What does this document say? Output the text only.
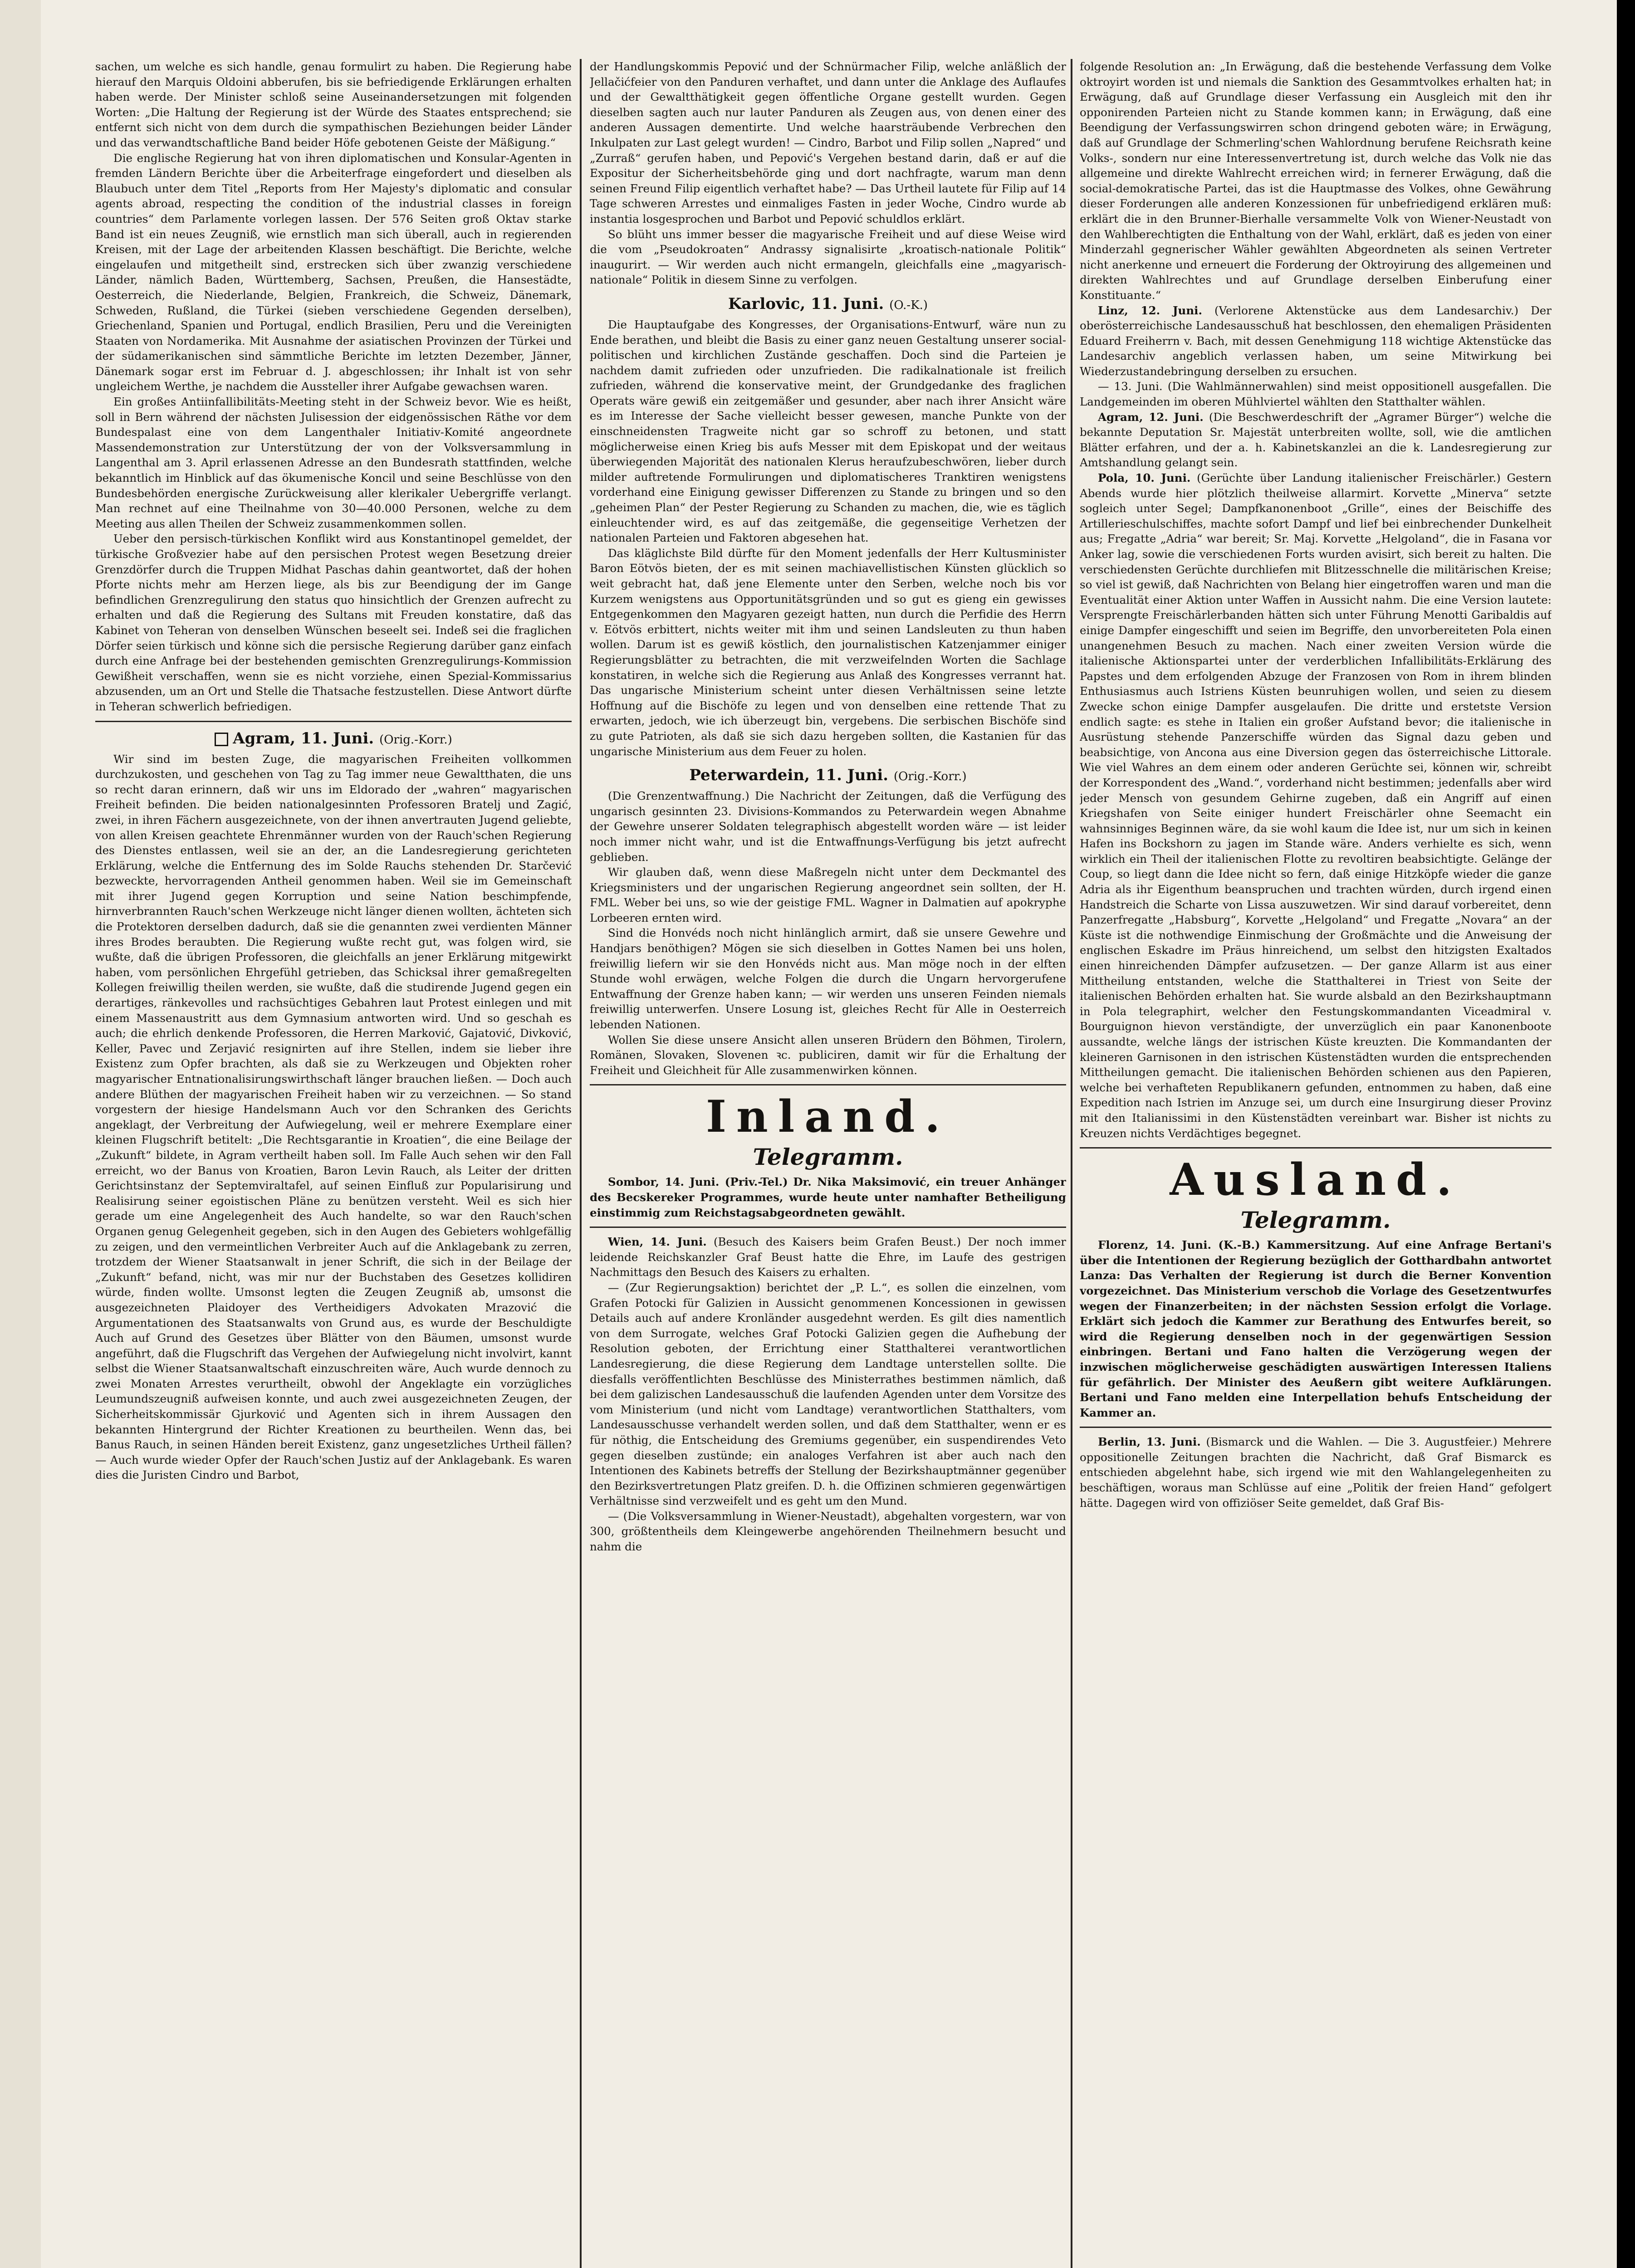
sachen, um welche es sich handle, genau formulirt zu haben. Die Regierung habe hierauf den Marquis Oldoini abberufen, bis sie befriedigende Erklärungen erhalten haben werde. Der Minister schloß seine Auseinandersetzungen mit folgenden Worten: „Die Haltung der Regierung ist der Würde des Staates entsprechend; sie entfernt sich nicht von dem durch die sympathischen Beziehungen beider Länder und das verwandtschaftliche Band beider Höfe gebotenen Geiste der Mäßigung.“

Die englische Regierung hat von ihren diplomatischen und Konsular-Agenten in fremden Ländern Berichte über die Arbeiterfrage eingefordert und dieselben als Blaubuch unter dem Titel „Reports from Her Majesty's diplomatic and consular agents abroad, respecting the condition of the industrial classes in foreign countries“ dem Parlamente vorlegen lassen. Der 576 Seiten groß Oktav starke Band ist ein neues Zeugniß, wie ernstlich man sich überall, auch in regierenden Kreisen, mit der Lage der arbeitenden Klassen beschäftigt. Die Berichte, welche eingelaufen und mitgetheilt sind, erstrecken sich über zwanzig verschiedene Länder, nämlich Baden, Württemberg, Sachsen, Preußen, die Hansestädte, Oesterreich, die Niederlande, Belgien, Frankreich, die Schweiz, Dänemark, Schweden, Rußland, die Türkei (sieben verschiedene Gegenden derselben), Griechenland, Spanien und Portugal, endlich Brasilien, Peru und die Vereinigten Staaten von Nordamerika. Mit Ausnahme der asiatischen Provinzen der Türkei und der südamerikanischen sind sämmtliche Berichte im letzten Dezember, Jänner, Dänemark sogar erst im Februar d. J. abgeschlossen; ihr Inhalt ist von sehr ungleichem Werthe, je nachdem die Aussteller ihrer Aufgabe gewachsen waren.

Ein großes Antiinfallibilitäts-Meeting steht in der Schweiz bevor. Wie es heißt, soll in Bern während der nächsten Julisession der eidgenössischen Räthe vor dem Bundespalast eine von dem Langenthaler Initiativ-Komité angeordnete Massendemonstration zur Unterstützung der von der Volksversammlung in Langenthal am 3. April erlassenen Adresse an den Bundesrath stattfinden, welche bekanntlich im Hinblick auf das ökumenische Koncil und seine Beschlüsse von den Bundesbehörden energische Zurückweisung aller klerikaler Uebergriffe verlangt. Man rechnet auf eine Theilnahme von 30—40.000 Personen, welche zu dem Meeting aus allen Theilen der Schweiz zusammenkommen sollen.

Ueber den persisch-türkischen Konflikt wird aus Konstantinopel gemeldet, der türkische Großvezier habe auf den persischen Protest wegen Besetzung dreier Grenzdörfer durch die Truppen Midhat Paschas dahin geantwortet, daß der hohen Pforte nichts mehr am Herzen liege, als bis zur Beendigung der im Gange befindlichen Grenzregulirung den status quo hinsichtlich der Grenzen aufrecht zu erhalten und daß die Regierung des Sultans mit Freuden konstatire, daß das Kabinet von Teheran von denselben Wünschen beseelt sei. Indeß sei die fraglichen Dörfer seien türkisch und könne sich die persische Regierung darüber ganz einfach durch eine Anfrage bei der bestehenden gemischten Grenzregulirungs-Kommission Gewißheit verschaffen, wenn sie es nicht vorziehe, einen Spezial-Kommissarius abzusenden, um an Ort und Stelle die Thatsache festzustellen. Diese Antwort dürfte in Teheran schwerlich befriedigen.

Agram, 11. Juni. (Orig.-Korr.)

Wir sind im besten Zuge, die magyarischen Freiheiten vollkommen durchzukosten, und geschehen von Tag zu Tag immer neue Gewaltthaten, die uns so recht daran erinnern, daß wir uns im Eldorado der „wahren“ magyarischen Freiheit befinden. Die beiden nationalgesinnten Professoren Bratelj und Zagić, zwei, in ihren Fächern ausgezeichnete, von der ihnen anvertrauten Jugend geliebte, von allen Kreisen geachtete Ehrenmänner wurden von der Rauch'schen Regierung des Dienstes entlassen, weil sie an der, an die Landesregierung gerichteten Erklärung, welche die Entfernung des im Solde Rauchs stehenden Dr. Starčević bezweckte, hervorragenden Antheil genommen haben. Weil sie im Gemeinschaft mit ihrer Jugend gegen Korruption und seine Nation beschimpfende, hirnverbrannten Rauch'schen Werkzeuge nicht länger dienen wollten, ächteten sich die Protektoren derselben dadurch, daß sie die genannten zwei verdienten Männer ihres Brodes beraubten. Die Regierung wußte recht gut, was folgen wird, sie wußte, daß die übrigen Professoren, die gleichfalls an jener Erklärung mitgewirkt haben, vom persönlichen Ehrgefühl getrieben, das Schicksal ihrer gemaßregelten Kollegen freiwillig theilen werden, sie wußte, daß die studirende Jugend gegen ein derartiges, ränkevolles und rachsüchtiges Gebahren laut Protest einlegen und mit einem Massenaustritt aus dem Gymnasium antworten wird. Und so geschah es auch; die ehrlich denkende Professoren, die Herren Marković, Gajatović, Divković, Keller, Pavec und Zerjavić resignirten auf ihre Stellen, indem sie lieber ihre Existenz zum Opfer brachten, als daß sie zu Werkzeugen und Objekten roher magyarischer Entnationalisirungswirthschaft länger brauchen ließen. — Doch auch andere Blüthen der magyarischen Freiheit haben wir zu verzeichnen. — So stand vorgestern der hiesige Handelsmann Auch vor den Schranken des Gerichts angeklagt, der Verbreitung der Aufwiegelung, weil er mehrere Exemplare einer kleinen Flugschrift betitelt: „Die Rechtsgarantie in Kroatien“, die eine Beilage der „Zukunft“ bildete, in Agram vertheilt haben soll. Im Falle Auch sehen wir den Fall erreicht, wo der Banus von Kroatien, Baron Levin Rauch, als Leiter der dritten Gerichtsinstanz der Septemviraltafel, auf seinen Einfluß zur Popularisirung und Realisirung seiner egoistischen Pläne zu benützen versteht. Weil es sich hier gerade um eine Angelegenheit des Auch handelte, so war den Rauch'schen Organen genug Gelegenheit gegeben, sich in den Augen des Gebieters wohlgefällig zu zeigen, und den vermeintlichen Verbreiter Auch auf die Anklagebank zu zerren, trotzdem der Wiener Staatsanwalt in jener Schrift, die sich in der Beilage der „Zukunft“ befand, nicht, was mir nur der Buchstaben des Gesetzes kollidiren würde, finden wollte. Umsonst legten die Zeugen Zeugniß ab, umsonst die ausgezeichneten Plaidoyer des Vertheidigers Advokaten Mrazović die Argumentationen des Staatsanwalts von Grund aus, es wurde der Beschuldigte Auch auf Grund des Gesetzes über Blätter von den Bäumen, umsonst wurde angeführt, daß die Flugschrift das Vergehen der Aufwiegelung nicht involvirt, kannt selbst die Wiener Staatsanwaltschaft einzuschreiten wäre, Auch wurde dennoch zu zwei Monaten Arrestes verurtheilt, obwohl der Angeklagte ein vorzügliches Leumundszeugniß aufweisen konnte, und auch zwei ausgezeichneten Zeugen, der Sicherheitskommissär Gjurković und Agenten sich in ihrem Aussagen den bekannten Hintergrund der Richter Kreationen zu beurtheilen. Wenn das, bei Banus Rauch, in seinen Händen bereit Existenz, ganz ungesetzliches Urtheil fällen? — Auch wurde wieder Opfer der Rauch'schen Justiz auf der Anklagebank. Es waren dies die Juristen Cindro und Barbot,

der Handlungskommis Pepović und der Schnürmacher Filip, welche anläßlich der Jellačićfeier von den Panduren verhaftet, und dann unter die Anklage des Auflaufes und der Gewaltthätigkeit gegen öffentliche Organe gestellt wurden. Gegen dieselben sagten auch nur lauter Panduren als Zeugen aus, von denen einer des anderen Aussagen dementirte. Und welche haarsträubende Verbrechen den Inkulpaten zur Last gelegt wurden! — Cindro, Barbot und Filip sollen „Napred“ und „Zurraß“ gerufen haben, und Pepović's Vergehen bestand darin, daß er auf die Expositur der Sicherheitsbehörde ging und dort nachfragte, warum man denn seinen Freund Filip eigentlich verhaftet habe? — Das Urtheil lautete für Filip auf 14 Tage schweren Arrestes und einmaliges Fasten in jeder Woche, Cindro wurde ab instantia losgesprochen und Barbot und Pepović schuldlos erklärt.

So blüht uns immer besser die magyarische Freiheit und auf diese Weise wird die vom „Pseudokroaten“ Andrassy signalisirte „kroatisch-nationale Politik“ inaugurirt. — Wir werden auch nicht ermangeln, gleichfalls eine „magyarisch-nationale“ Politik in diesem Sinne zu verfolgen.

Karlovic, 11. Juni. (O.-K.)

Die Hauptaufgabe des Kongresses, der Organisations-Entwurf, wäre nun zu Ende berathen, und bleibt die Basis zu einer ganz neuen Gestaltung unserer social-politischen und kirchlichen Zustände geschaffen. Doch sind die Parteien je nachdem damit zufrieden oder unzufrieden. Die radikalnationale ist freilich zufrieden, während die konservative meint, der Grundgedanke des fraglichen Operats wäre gewiß ein zeitgemäßer und gesunder, aber nach ihrer Ansicht wäre es im Interesse der Sache vielleicht besser gewesen, manche Punkte von der einschneidensten Tragweite nicht gar so schroff zu betonen, und statt möglicherweise einen Krieg bis aufs Messer mit dem Episkopat und der weitaus überwiegenden Majorität des nationalen Klerus heraufzubeschwören, lieber durch milder auftretende Formulirungen und diplomatischeres Tranktiren wenigstens vorderhand eine Einigung gewisser Differenzen zu Stande zu bringen und so den „geheimen Plan“ der Pester Regierung zu Schanden zu machen, die, wie es täglich einleuchtender wird, es auf das zeitgemäße, die gegenseitige Verhetzen der nationalen Parteien und Faktoren abgesehen hat.

Das kläglichste Bild dürfte für den Moment jedenfalls der Herr Kultusminister Baron Eötvös bieten, der es mit seinen machiavellistischen Künsten glücklich so weit gebracht hat, daß jene Elemente unter den Serben, welche noch bis vor Kurzem wenigstens aus Opportunitätsgründen und so gut es gieng ein gewisses Entgegenkommen den Magyaren gezeigt hatten, nun durch die Perfidie des Herrn v. Eötvös erbittert, nichts weiter mit ihm und seinen Landsleuten zu thun haben wollen. Darum ist es gewiß köstlich, den journalistischen Katzenjammer einiger Regierungsblätter zu betrachten, die mit verzweifelnden Worten die Sachlage konstatiren, in welche sich die Regierung aus Anlaß des Kongresses verrannt hat. Das ungarische Ministerium scheint unter diesen Verhältnissen seine letzte Hoffnung auf die Bischöfe zu legen und von denselben eine rettende That zu erwarten, jedoch, wie ich überzeugt bin, vergebens. Die serbischen Bischöfe sind zu gute Patrioten, als daß sie sich dazu hergeben sollten, die Kastanien für das ungarische Ministerium aus dem Feuer zu holen.

Peterwardein, 11. Juni. (Orig.-Korr.)

(Die Grenzentwaffnung.) Die Nachricht der Zeitungen, daß die Verfügung des ungarisch gesinnten 23. Divisions-Kommandos zu Peterwardein wegen Abnahme der Gewehre unserer Soldaten telegraphisch abgestellt worden wäre — ist leider noch immer nicht wahr, und ist die Entwaffnungs-Verfügung bis jetzt aufrecht geblieben.

Wir glauben daß, wenn diese Maßregeln nicht unter dem Deckmantel des Kriegsministers und der ungarischen Regierung angeordnet sein sollten, der H. FML. Weber bei uns, so wie der geistige FML. Wagner in Dalmatien auf apokryphe Lorbeeren ernten wird.

Sind die Honvéds noch nicht hinlänglich armirt, daß sie unsere Gewehre und Handjars benöthigen? Mögen sie sich dieselben in Gottes Namen bei uns holen, freiwillig liefern wir sie den Honvéds nicht aus. Man möge noch in der elften Stunde wohl erwägen, welche Folgen die durch die Ungarn hervorgerufene Entwaffnung der Grenze haben kann; — wir werden uns unseren Feinden niemals freiwillig unterwerfen. Unsere Losung ist, gleiches Recht für Alle in Oesterreich lebenden Nationen.

Wollen Sie diese unsere Ansicht allen unseren Brüdern den Böhmen, Tirolern, Romänen, Slovaken, Slovenen ꝛc. publiciren, damit wir für die Erhaltung der Freiheit und Gleichheit für Alle zusammenwirken können.

Inland.
Telegramm.

Sombor, 14. Juni. (Priv.-Tel.) Dr. Nika Maksimović, ein treuer Anhänger des Becskereker Programmes, wurde heute unter namhafter Betheiligung einstimmig zum Reichstagsabgeordneten gewählt.

Wien, 14. Juni. (Besuch des Kaisers beim Grafen Beust.) Der noch immer leidende Reichskanzler Graf Beust hatte die Ehre, im Laufe des gestrigen Nachmittags den Besuch des Kaisers zu erhalten.

— (Zur Regierungsaktion) berichtet der „P. L.“, es sollen die einzelnen, vom Grafen Potocki für Galizien in Aussicht genommenen Koncessionen in gewissen Details auch auf andere Kronländer ausgedehnt werden. Es gilt dies namentlich von dem Surrogate, welches Graf Potocki Galizien gegen die Aufhebung der Resolution geboten, der Errichtung einer Statthalterei verantwortlichen Landesregierung, die diese Regierung dem Landtage unterstellen sollte. Die diesfalls veröffentlichten Beschlüsse des Ministerrathes bestimmen nämlich, daß bei dem galizischen Landesausschuß die laufenden Agenden unter dem Vorsitze des vom Ministerium (und nicht vom Landtage) verantwortlichen Statthalters, vom Landesausschusse verhandelt werden sollen, und daß dem Statthalter, wenn er es für nöthig, die Entscheidung des Gremiums gegenüber, ein suspendirendes Veto gegen dieselben zustünde; ein analoges Verfahren ist aber auch nach den Intentionen des Kabinets betreffs der Stellung der Bezirkshauptmänner gegenüber den Bezirksvertretungen Platz greifen. D. h. die Offizinen schmieren gegenwärtigen Verhältnisse sind verzweifelt und es geht um den Mund.

— (Die Volksversammlung in Wiener-Neustadt), abgehalten vorgestern, war von 300, größtentheils dem Kleingewerbe angehörenden Theilnehmern besucht und nahm die

folgende Resolution an: „In Erwägung, daß die bestehende Verfassung dem Volke oktroyirt worden ist und niemals die Sanktion des Gesammtvolkes erhalten hat; in Erwägung, daß auf Grundlage dieser Verfassung ein Ausgleich mit den ihr opponirenden Parteien nicht zu Stande kommen kann; in Erwägung, daß eine Beendigung der Verfassungswirren schon dringend geboten wäre; in Erwägung, daß auf Grundlage der Schmerling'schen Wahlordnung berufene Reichsrath keine Volks-, sondern nur eine Interessenvertretung ist, durch welche das Volk nie das allgemeine und direkte Wahlrecht erreichen wird; in fernerer Erwägung, daß die social-demokratische Partei, das ist die Hauptmasse des Volkes, ohne Gewährung dieser Forderungen alle anderen Konzessionen für unbefriedigend erklären muß: erklärt die in den Brunner-Bierhalle versammelte Volk von Wiener-Neustadt von den Wahlberechtigten die Enthaltung von der Wahl, erklärt, daß es jeden von einer Minderzahl gegnerischer Wähler gewählten Abgeordneten als seinen Vertreter nicht anerkenne und erneuert die Forderung der Oktroyirung des allgemeinen und direkten Wahlrechtes und auf Grundlage derselben Einberufung einer Konstituante.“

Linz, 12. Juni. (Verlorene Aktenstücke aus dem Landesarchiv.) Der oberösterreichische Landesausschuß hat beschlossen, den ehemaligen Präsidenten Eduard Freiherrn v. Bach, mit dessen Genehmigung 118 wichtige Aktenstücke das Landesarchiv angeblich verlassen haben, um seine Mitwirkung bei Wiederzustandebringung derselben zu ersuchen.

— 13. Juni. (Die Wahlmännerwahlen) sind meist oppositionell ausgefallen. Die Landgemeinden im oberen Mühlviertel wählten den Statthalter wählen.

Agram, 12. Juni. (Die Beschwerdeschrift der „Agramer Bürger“) welche die bekannte Deputation Sr. Majestät unterbreiten wollte, soll, wie die amtlichen Blätter erfahren, und der a. h. Kabinetskanzlei an die k. Landesregierung zur Amtshandlung gelangt sein.

Pola, 10. Juni. (Gerüchte über Landung italienischer Freischärler.) Gestern Abends wurde hier plötzlich theilweise allarmirt. Korvette „Minerva“ setzte sogleich unter Segel; Dampfkanonenboot „Grille“, eines der Beischiffe des Artillerieschulschiffes, machte sofort Dampf und lief bei einbrechender Dunkelheit aus; Fregatte „Adria“ war bereit; Sr. Maj. Korvette „Helgoland“, die in Fasana vor Anker lag, sowie die verschiedenen Forts wurden avisirt, sich bereit zu halten. Die verschiedensten Gerüchte durchliefen mit Blitzesschnelle die militärischen Kreise; so viel ist gewiß, daß Nachrichten von Belang hier eingetroffen waren und man die Eventualität einer Aktion unter Waffen in Aussicht nahm. Die eine Version lautete: Versprengte Freischärlerbanden hätten sich unter Führung Menotti Garibaldis auf einige Dampfer eingeschifft und seien im Begriffe, den unvorbereiteten Pola einen unangenehmen Besuch zu machen. Nach einer zweiten Version würde die italienische Aktionspartei unter der verderblichen Infallibilitäts-Erklärung des Papstes und dem erfolgenden Abzuge der Franzosen von Rom in ihrem blinden Enthusiasmus auch Istriens Küsten beunruhigen wollen, und seien zu diesem Zwecke schon einige Dampfer ausgelaufen. Die dritte und erstetste Version endlich sagte: es stehe in Italien ein großer Aufstand bevor; die italienische in Ausrüstung stehende Panzerschiffe würden das Signal dazu geben und beabsichtige, von Ancona aus eine Diversion gegen das österreichische Littorale. Wie viel Wahres an dem einem oder anderen Gerüchte sei, können wir, schreibt der Korrespondent des „Wand.“, vorderhand nicht bestimmen; jedenfalls aber wird jeder Mensch von gesundem Gehirne zugeben, daß ein Angriff auf einen Kriegshafen von Seite einiger hundert Freischärler ohne Seemacht ein wahnsinniges Beginnen wäre, da sie wohl kaum die Idee ist, nur um sich in keinen Hafen ins Bockshorn zu jagen im Stande wäre. Anders verhielte es sich, wenn wirklich ein Theil der italienischen Flotte zu revoltiren beabsichtigte. Gelänge der Coup, so liegt dann die Idee nicht so fern, daß einige Hitzköpfe wieder die ganze Adria als ihr Eigenthum beanspruchen und trachten würden, durch irgend einen Handstreich die Scharte von Lissa auszuwetzen. Wir sind darauf vorbereitet, denn Panzerfregatte „Habsburg“, Korvette „Helgoland“ und Fregatte „Novara“ an der Küste ist die nothwendige Einmischung der Großmächte und die Anweisung der englischen Eskadre im Präus hinreichend, um selbst den hitzigsten Exaltados einen hinreichenden Dämpfer aufzusetzen. — Der ganze Allarm ist aus einer Mittheilung entstanden, welche die Statthalterei in Triest von Seite der italienischen Behörden erhalten hat. Sie wurde alsbald an den Bezirkshauptmann in Pola telegraphirt, welcher den Festungskommandanten Viceadmiral v. Bourguignon hievon verständigte, der unverzüglich ein paar Kanonenboote aussandte, welche längs der istrischen Küste kreuzten. Die Kommandanten der kleineren Garnisonen in den istrischen Küstenstädten wurden die entsprechenden Mittheilungen gemacht. Die italienischen Behörden schienen aus den Papieren, welche bei verhafteten Republikanern gefunden, entnommen zu haben, daß eine Expedition nach Istrien im Anzuge sei, um durch eine Insurgirung dieser Provinz mit den Italianissimi in den Küstenstädten vereinbart war. Bisher ist nichts zu Kreuzen nichts Verdächtiges begegnet.

Ausland.
Telegramm.

Florenz, 14. Juni. (K.-B.) Kammersitzung. Auf eine Anfrage Bertani's über die Intentionen der Regierung bezüglich der Gotthardbahn antwortet Lanza: Das Verhalten der Regierung ist durch die Berner Konvention vorgezeichnet. Das Ministerium verschob die Vorlage des Gesetzentwurfes wegen der Finanzerbeiten; in der nächsten Session erfolgt die Vorlage. Erklärt sich jedoch die Kammer zur Berathung des Entwurfes bereit, so wird die Regierung denselben noch in der gegenwärtigen Session einbringen. Bertani und Fano halten die Verzögerung wegen der inzwischen möglicherweise geschädigten auswärtigen Interessen Italiens für gefährlich. Der Minister des Aeußern gibt weitere Aufklärungen. Bertani und Fano melden eine Interpellation behufs Entscheidung der Kammer an.

Berlin, 13. Juni. (Bismarck und die Wahlen. — Die 3. Augustfeier.) Mehrere oppositionelle Zeitungen brachten die Nachricht, daß Graf Bismarck es entschieden abgelehnt habe, sich irgend wie mit den Wahlangelegenheiten zu beschäftigen, woraus man Schlüsse auf eine „Politik der freien Hand“ gefolgert hätte. Dagegen wird von offiziöser Seite gemeldet, daß Graf Bis-
